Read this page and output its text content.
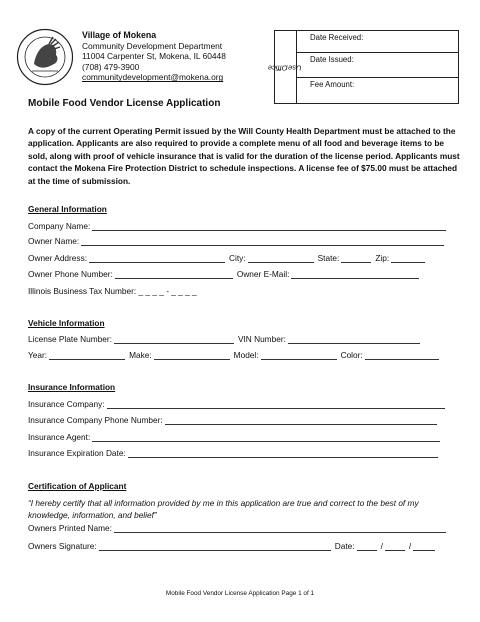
Village of Mokena
Community Development Department
11004 Carpenter St, Mokena, IL 60448
(708) 479-3900
communitydevelopment@mokena.org
Office

Use:
Date Received:
Date Issued:
Fee Amount:
Mobile Food Vendor License Application
A copy of the current Operating Permit issued by the Will County Health Department must be attached to the application. Applicants are also required to provide a complete menu of all food and beverage items to be sold, along with proof of vehicle insurance that is valid for the duration of the license period. Applicants must contact the Mokena Fire Protection District to schedule inspections. A license fee of $75.00 must be attached at the time of submission.
General Information
Company Name:
Owner Name:
Owner Address:	City:	State:	Zip:
Owner Phone Number:	Owner E-Mail:
Illinois Business Tax Number: _ _ _ _ - _ _ _ _
Vehicle Information
License Plate Number:	VIN Number:
Year:	Make:	Model:	Color:
Insurance Information
Insurance Company:
Insurance Company Phone Number:
Insurance Agent:
Insurance Expiration Date:
Certification of Applicant
“I hereby certify that all information provided by me in this application are true and correct to the best of my knowledge, information, and belief”
Owners Printed Name:
Owners Signature:	Date:	/	/
Mobile Food Vendor License Application Page 1 of 1
